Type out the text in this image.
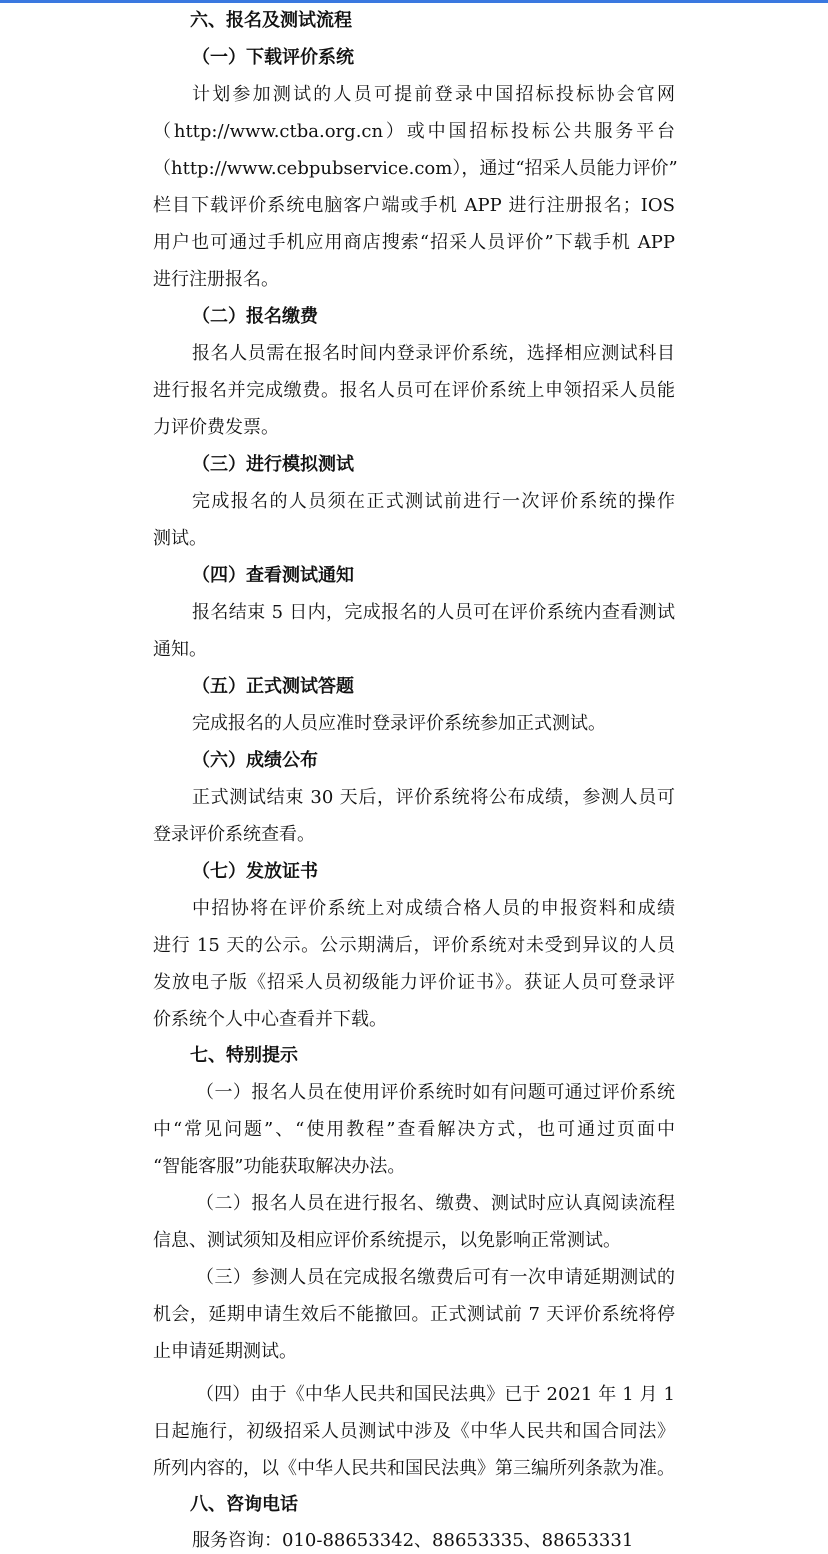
六、报名及测试流程
（一）下载评价系统
计划参加测试的人员可提前登录中国招标投标协会官网
（http://www.ctba.org.cn）或中国招标投标公共服务平台
（http://www.cebpubservice.com），通过“招采人员能力评价”
栏目下载评价系统电脑客户端或手机 APP 进行注册报名；IOS
用户也可通过手机应用商店搜索“招采人员评价”下载手机 APP
进行注册报名。
（二）报名缴费
报名人员需在报名时间内登录评价系统，选择相应测试科目
进行报名并完成缴费。报名人员可在评价系统上申领招采人员能
力评价费发票。
（三）进行模拟测试
完成报名的人员须在正式测试前进行一次评价系统的操作
测试。
（四）查看测试通知
报名结束 5 日内，完成报名的人员可在评价系统内查看测试
通知。
（五）正式测试答题
完成报名的人员应准时登录评价系统参加正式测试。
（六）成绩公布
正式测试结束 30 天后，评价系统将公布成绩，参测人员可
登录评价系统查看。
（七）发放证书
中招协将在评价系统上对成绩合格人员的申报资料和成绩
进行 15 天的公示。公示期满后，评价系统对未受到异议的人员
发放电子版《招采人员初级能力评价证书》。获证人员可登录评
价系统个人中心查看并下载。
七、特别提示
（一）报名人员在使用评价系统时如有问题可通过评价系统
中“常见问题”、“使用教程”查看解决方式，也可通过页面中
“智能客服”功能获取解决办法。
（二）报名人员在进行报名、缴费、测试时应认真阅读流程
信息、测试须知及相应评价系统提示，以免影响正常测试。
（三）参测人员在完成报名缴费后可有一次申请延期测试的
机会，延期申请生效后不能撤回。正式测试前 7 天评价系统将停
止申请延期测试。
（四）由于《中华人民共和国民法典》已于 2021 年 1 月 1
日起施行，初级招采人员测试中涉及《中华人民共和国合同法》
所列内容的，以《中华人民共和国民法典》第三编所列条款为准。
八、咨询电话
服务咨询：010-88653342、88653335、88653331
